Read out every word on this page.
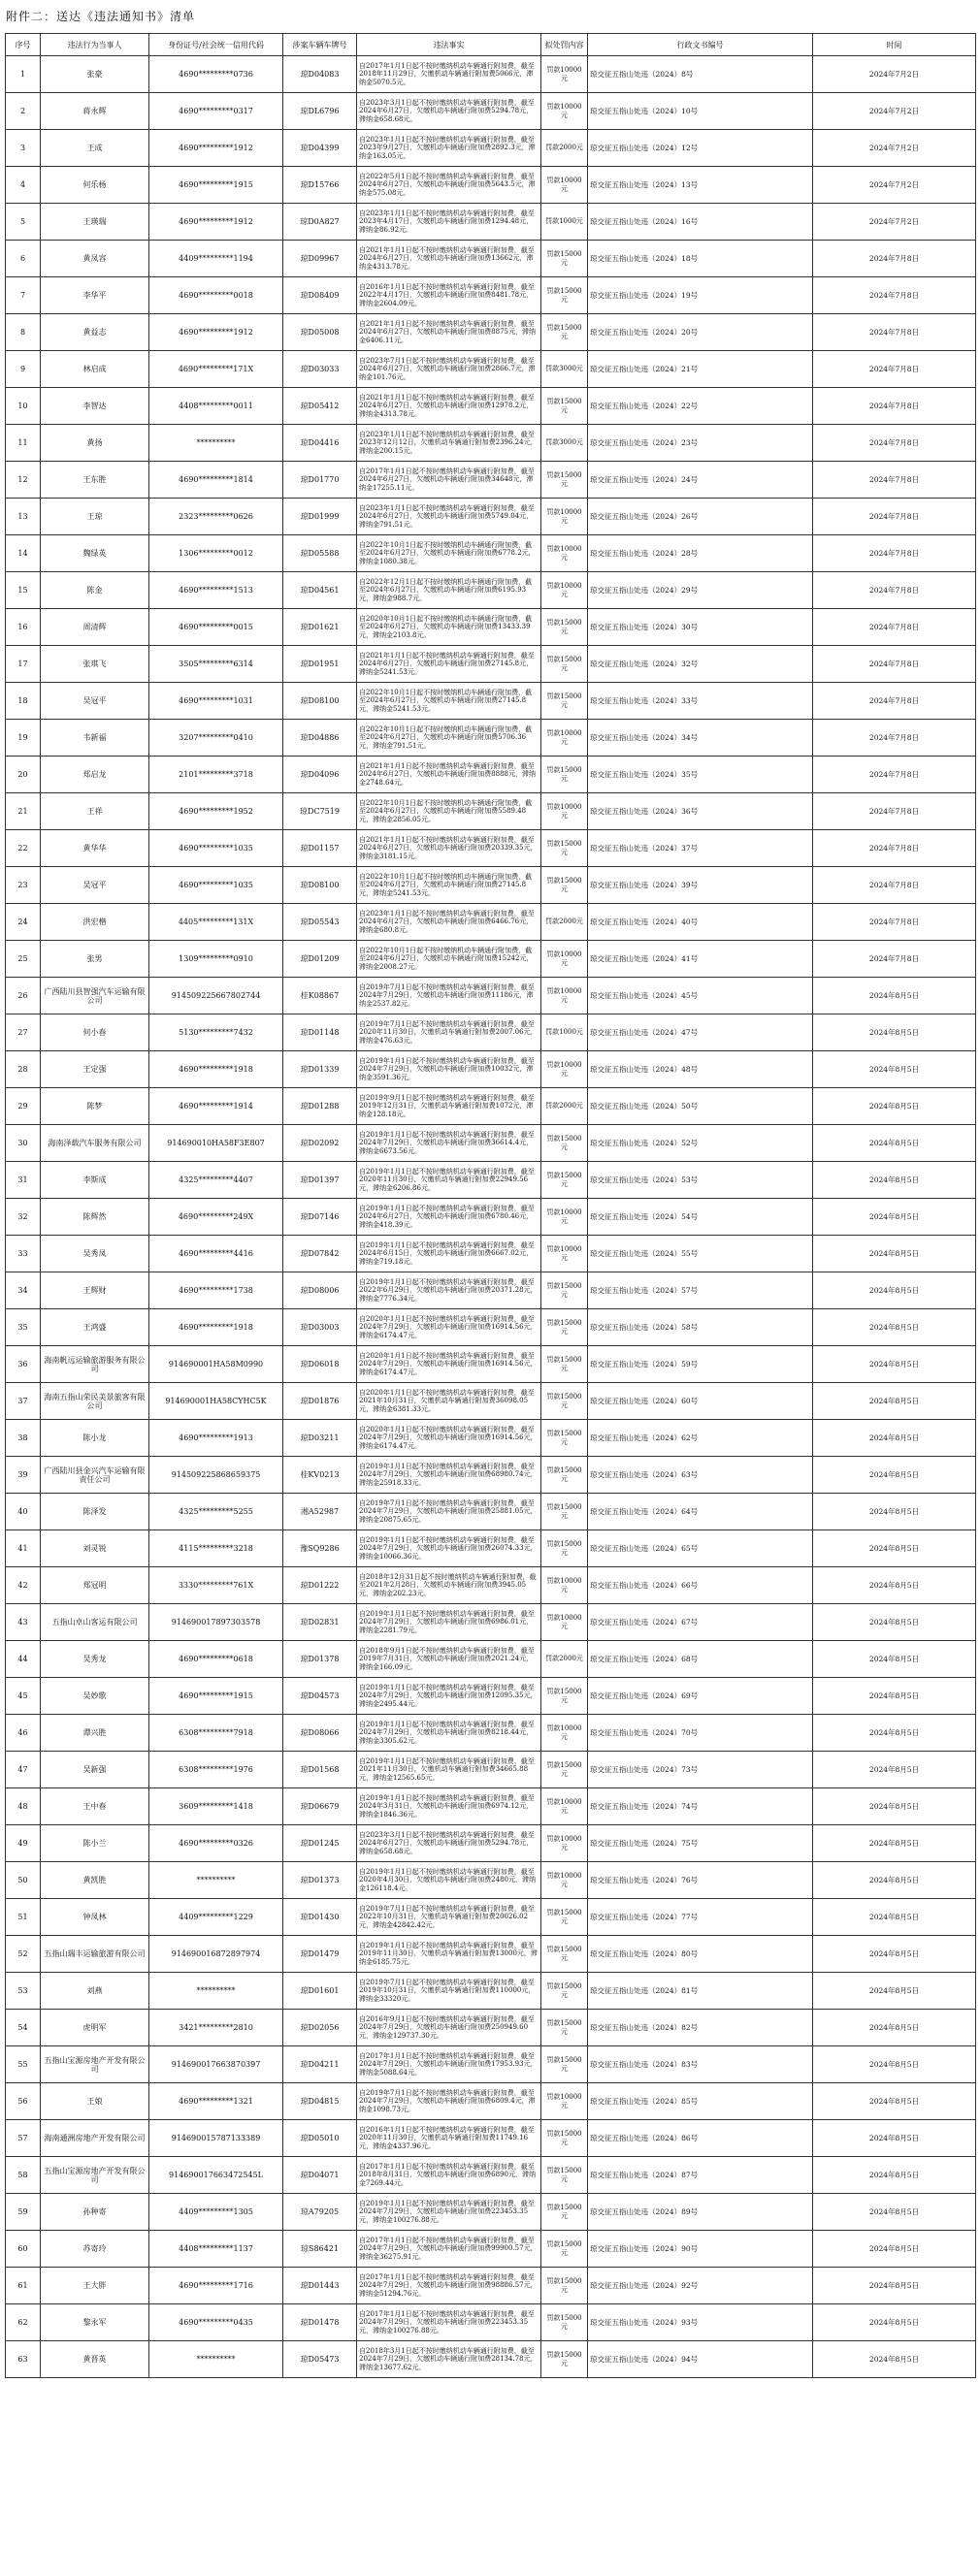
附件二：送达《违法通知书》清单
序号	违法行为当事人	身份证号/社会统一信用代码	涉案车辆车牌号	违法事实	拟处罚内容	行政文书编号	时间
1	张豪	4690*********0736	琼D04083	自2017年1月1日起不按时缴纳机动车辆通行附加费，截至2018年11月29日，欠缴机动车辆通行附加费5066元，滞纳金5070.5元。	罚款10000元	琼交征五指山处违（2024）8号	2024年7月2日
2	蒋永辉	4690*********0317	琼DL6796	自2023年3月1日起不按时缴纳机动车辆通行附加费，截至2024年6月27日，欠缴机动车辆通行附加费5294.78元，滞纳金658.68元。	罚款10000元	琼交征五指山处违（2024）10号	2024年7月2日
3	王成	4690*********1912	琼D04399	自2023年1月1日起不按时缴纳机动车辆通行附加费，截至2023年9月27日，欠缴机动车辆通行附加费2892.3元，滞纳金163.05元。	罚款2000元	琼交征五指山处违（2024）12号	2024年7月2日
4	何乐杨	4690*********1915	琼D15766	自2022年5月1日起不按时缴纳机动车辆通行附加费，截至2024年6月27日，欠缴机动车辆通行附加费5643.5元，滞纳金575.08元。	罚款10000元	琼交征五指山处违（2024）13号	2024年7月2日
5	王瑛瑞	4690*********1912	琼D0A827	自2023年1月1日起不按时缴纳机动车辆通行附加费，截至2023年4月17日，欠缴机动车辆通行附加费1294.48元，滞纳金86.92元。	罚款1000元	琼交征五指山处违（2024）16号	2024年7月2日
6	黄凤容	4409*********1194	琼D09967	自2021年1月1日起不按时缴纳机动车辆通行附加费，截至2024年6月27日，欠缴机动车辆通行附加费13662元，滞纳金4313.78元。	罚款15000元	琼交征五指山处违（2024）18号	2024年7月8日
7	李华平	4690*********0018	琼D08409	自2016年1月1日起不按时缴纳机动车辆通行附加费，截至2022年4月17日，欠缴机动车辆通行附加费8481.78元，滞纳金2604.09元。	罚款15000元	琼交征五指山处违（2024）19号	2024年7月8日
8	黄益志	4690*********1912	琼D05008	自2021年1月1日起不按时缴纳机动车辆通行附加费，截至2024年6月27日，欠缴机动车辆通行附加费8875元，滞纳金6406.11元。	罚款15000元	琼交征五指山处违（2024）20号	2024年7月8日
9	林启成	4690*********171X	琼D03033	自2023年7月1日起不按时缴纳机动车辆通行附加费，截至2024年6月27日，欠缴机动车辆通行附加费2866.7元，滞纳金101.76元。	罚款3000元	琼交征五指山处违（2024）21号	2024年7月8日
10	李智达	4408*********0011	琼D05412	自2021年1月1日起不按时缴纳机动车辆通行附加费，截至2024年6月27日，欠缴机动车辆通行附加费12978.2元，滞纳金4313.78元。	罚款15000元	琼交征五指山处违（2024）22号	2024年7月8日
11	黄扬	**********	琼D04416	自2023年1月1日起不按时缴纳机动车辆通行附加费，截至2023年12月12日，欠缴机动车辆通行附加费2396.24元，滞纳金200.15元。	罚款3000元	琼交征五指山处违（2024）23号	2024年7月8日
12	王东胜	4690*********1814	琼D01770	自2017年1月1日起不按时缴纳机动车辆通行附加费，截至2024年6月27日，欠缴机动车辆通行附加费34648元，滞纳金17255.11元。	罚款15000元	琼交征五指山处违（2024）24号	2024年7月8日
13	王琼	2323*********0626	琼D01999	自2023年1月1日起不按时缴纳机动车辆通行附加费，截至2024年6月27日，欠缴机动车辆通行附加费5749.04元，滞纳金791.51元。	罚款10000元	琼交征五指山处违（2024）26号	2024年7月8日
14	魏绿英	1306*********0012	琼D05588	自2022年10月1日起不按时缴纳机动车辆通行附加费，截至2024年6月27日，欠缴机动车辆通行附加费6778.2元，滞纳金1080.38元。	罚款10000元	琼交征五指山处违（2024）28号	2024年7月8日
15	陈金	4690*********1513	琼D04561	自2022年12月1日起不按时缴纳机动车辆通行附加费，截至2024年6月27日，欠缴机动车辆通行附加费6195.93元，滞纳金988.7元。	罚款10000元	琼交征五指山处违（2024）29号	2024年7月8日
16	周清辉	4690*********0015	琼D01621	自2020年10月1日起不按时缴纳机动车辆通行附加费，截至2024年6月27日，欠缴机动车辆通行附加费13433.39元，滞纳金2103.8元。	罚款15000元	琼交征五指山处违（2024）30号	2024年7月8日
17	张琪飞	3505*********6314	琼D01951	自2021年1月1日起不按时缴纳机动车辆通行附加费，截至2024年6月27日，欠缴机动车辆通行附加费27145.8元，滞纳金5241.53元。	罚款15000元	琼交征五指山处违（2024）32号	2024年7月8日
18	吴冠平	4690*********1031	琼D08100	自2022年10月1日起不按时缴纳机动车辆通行附加费，截至2024年6月27日，欠缴机动车辆通行附加费27145.8元，滞纳金5241.53元。	罚款15000元	琼交征五指山处违（2024）33号	2024年7月8日
19	韦新福	3207*********0410	琼D04886	自2022年10月1日起不按时缴纳机动车辆通行附加费，截至2024年6月27日，欠缴机动车辆通行附加费5706.36元，滞纳金791.51元。	罚款10000元	琼交征五指山处违（2024）34号	2024年7月8日
20	郑启龙	2101*********3718	琼D04096	自2021年1月1日起不按时缴纳机动车辆通行附加费，截至2024年6月27日，欠缴机动车辆通行附加费8888元，滞纳金2748.64元。	罚款15000元	琼交征五指山处违（2024）35号	2024年7月8日
21	王祥	4690*********1952	琼DC7519	自2022年10月1日起不按时缴纳机动车辆通行附加费，截至2024年6月27日，欠缴机动车辆通行附加费5589.48元，滞纳金2856.05元。	罚款10000元	琼交征五指山处违（2024）36号	2024年7月8日
22	黄华华	4690*********1035	琼D01157	自2021年1月1日起不按时缴纳机动车辆通行附加费，截至2024年6月27日，欠缴机动车辆通行附加费20339.35元，滞纳金3181.15元。	罚款15000元	琼交征五指山处违（2024）37号	2024年7月8日
23	吴冠平	4690*********1035	琼D08100	自2022年10月1日起不按时缴纳机动车辆通行附加费，截至2024年6月27日，欠缴机动车辆通行附加费27145.8元，滞纳金5241.53元。	罚款15000元	琼交征五指山处违（2024）39号	2024年7月8日
24	洪宏楷	4405*********131X	琼D05543	自2023年1月1日起不按时缴纳机动车辆通行附加费，截至2024年6月27日，欠缴机动车辆通行附加费6466.76元，滞纳金680.8元。	罚款2000元	琼交征五指山处违（2024）40号	2024年7月8日
25	张男	1309*********0910	琼D01209	自2022年10月1日起不按时缴纳机动车辆通行附加费，截至2024年6月27日，欠缴机动车辆通行附加费15242元，滞纳金2008.27元。	罚款10000元	琼交征五指山处违（2024）41号	2024年7月8日
26	广西陆川县智强汽车运输有限公司	914509225667802744	桂K08867	自2019年7月1日起不按时缴纳机动车辆通行附加费，截至2024年7月29日，欠缴机动车辆通行附加费11186元，滞纳金2537.82元。	罚款10000元	琼交征五指山处违（2024）45号	2024年8月5日
27	何小春	5130*********7432	琼D01148	自2019年7月1日起不按时缴纳机动车辆通行附加费，截至2020年11月30日，欠缴机动车辆通行附加费2007.06元，滞纳金476.63元。	罚款1000元	琼交征五指山处违（2024）47号	2024年8月5日
28	王定强	4690*********1918	琼D01339	自2019年1月1日起不按时缴纳机动车辆通行附加费，截至2024年7月29日，欠缴机动车辆通行附加费10032元，滞纳金3591.36元。	罚款10000元	琼交征五指山处违（2024）48号	2024年8月5日
29	陈梦	4690*********1914	琼D01288	自2019年9月1日起不按时缴纳机动车辆通行附加费，截至2019年12月31日，欠缴机动车辆通行附加费1072元，滞纳金128.18元。	罚款2000元	琼交征五指山处违（2024）50号	2024年8月5日
30	海南泽载汽车服务有限公司	914690010HA58F3E807	琼D02092	自2019年1月1日起不按时缴纳机动车辆通行附加费，截至2024年7月29日，欠缴机动车辆通行附加费36614.4元，滞纳金6673.56元。	罚款15000元	琼交征五指山处违（2024）52号	2024年8月5日
31	李斯成	4325*********4407	琼D01397	自2019年1月1日起不按时缴纳机动车辆通行附加费，截至2020年11月30日，欠缴机动车辆通行附加费22949.56元，滞纳金6206.86元。	罚款15000元	琼交征五指山处违（2024）53号	2024年8月5日
32	陈辉然	4690*********249X	琼D07146	自2019年1月1日起不按时缴纳机动车辆通行附加费，截至2024年6月27日，欠缴机动车辆通行附加费6780.46元，滞纳金418.39元。	罚款10000元	琼交征五指山处违（2024）54号	2024年8月5日
33	吴秀凤	4690*********4416	琼D07842	自2019年1月1日起不按时缴纳机动车辆通行附加费，截至2024年6月15日，欠缴机动车辆通行附加费6667.02元，滞纳金719.18元。	罚款10000元	琼交征五指山处违（2024）55号	2024年8月5日
34	王辉财	4690*********1738	琼D08006	自2019年1月1日起不按时缴纳机动车辆通行附加费，截至2022年6月29日，欠缴机动车辆通行附加费20371.28元，滞纳金7776.34元。	罚款15000元	琼交征五指山处违（2024）57号	2024年8月5日
35	王鸿盛	4690*********1918	琼D03003	自2020年1月1日起不按时缴纳机动车辆通行附加费，截至2024年7月29日，欠缴机动车辆通行附加费16914.56元，滞纳金6174.47元。	罚款15000元	琼交征五指山处违（2024）58号	2024年8月5日
36	海南帆远运输旅游服务有限公司	914690001HA58M0990	琼D06018	自2020年1月1日起不按时缴纳机动车辆通行附加费，截至2024年7月29日，欠缴机动车辆通行附加费16914.56元，滞纳金6174.47元。	罚款15000元	琼交征五指山处违（2024）59号	2024年8月5日
37	海南五指山荣民美景旅客有限公司	914690001HA58CYHC5K	琼D01876	自2020年1月1日起不按时缴纳机动车辆通行附加费，截至2021年10月31日，欠缴机动车辆通行附加费36098.05元，滞纳金6381.33元。	罚款15000元	琼交征五指山处违（2024）60号	2024年8月5日
38	陈小龙	4690*********1913	琼D03211	自2020年1月1日起不按时缴纳机动车辆通行附加费，截至2024年7月29日，欠缴机动车辆通行附加费16914.56元，滞纳金6174.47元。	罚款15000元	琼交征五指山处违（2024）62号	2024年8月5日
39	广西陆川县金兴汽车运输有限责任公司	914509225868659375	桂KV0213	自2019年1月1日起不按时缴纳机动车辆通行附加费，截至2024年7月29日，欠缴机动车辆通行附加费68980.74元，滞纳金25918.33元。	罚款15000元	琼交征五指山处违（2024）63号	2024年8月5日
40	陈泽发	4325*********5255	湘A52987	自2019年7月1日起不按时缴纳机动车辆通行附加费，截至2024年7月29日，欠缴机动车辆通行附加费25881.05元，滞纳金20875.65元。	罚款15000元	琼交征五指山处违（2024）64号	2024年8月5日
41	刘灵锐	4115*********3218	豫SQ9286	自2019年1月1日起不按时缴纳机动车辆通行附加费，截至2024年7月29日，欠缴机动车辆通行附加费26074.33元，滞纳金10066.36元。	罚款15000元	琼交征五指山处违（2024）65号	2024年8月5日
42	郑冠明	3330*********761X	琼D01222	自2018年12月31日起不按时缴纳机动车辆通行附加费，截至2021年2月28日，欠缴机动车辆通行附加费3945.05元，滞纳金202.23元。	罚款10000元	琼交征五指山处违（2024）66号	2024年8月5日
43	五指山卓山客运有限公司	914690017897303578	琼D02831	自2019年1月1日起不按时缴纳机动车辆通行附加费，截至2024年7月29日，欠缴机动车辆通行附加费6986.01元，滞纳金2281.79元。	罚款10000元	琼交征五指山处违（2024）67号	2024年8月5日
44	吴秀龙	4690*********0618	琼D01378	自2018年9月1日起不按时缴纳机动车辆通行附加费，截至2019年7月31日，欠缴机动车辆通行附加费2021.24元，滞纳金166.09元。	罚款2000元	琼交征五指山处违（2024）68号	2024年8月5日
45	吴妙歌	4690*********1915	琼D04573	自2019年1月1日起不按时缴纳机动车辆通行附加费，截至2024年7月29日，欠缴机动车辆通行附加费12095.35元，滞纳金2495.44元。	罚款15000元	琼交征五指山处违（2024）69号	2024年8月5日
46	谭兴胜	6308*********7918	琼D08066	自2019年1月1日起不按时缴纳机动车辆通行附加费，截至2024年7月29日，欠缴机动车辆通行附加费8218.44元，滞纳金3305.62元。	罚款10000元	琼交征五指山处违（2024）70号	2024年8月5日
47	吴新强	6308*********1976	琼D01568	自2019年1月1日起不按时缴纳机动车辆通行附加费，截至2021年11月30日，欠缴机动车辆通行附加费34665.88元，滞纳金12565.65元。	罚款15000元	琼交征五指山处违（2024）73号	2024年8月5日
48	王中春	3609*********1418	琼D06679	自2019年1月1日起不按时缴纳机动车辆通行附加费，截至2024年3月31日，欠缴机动车辆通行附加费6974.12元，滞纳金1846.36元。	罚款10000元	琼交征五指山处违（2024）74号	2024年8月5日
49	陈小兰	4690*********0326	琼D01245	自2023年3月1日起不按时缴纳机动车辆通行附加费，截至2024年6月27日，欠缴机动车辆通行附加费5294.78元，滞纳金658.68元。	罚款10000元	琼交征五指山处违（2024）75号	2024年8月5日
50	黄凯胜	**********	琼D01373	自2019年1月1日起不按时缴纳机动车辆通行附加费，截至2020年4月30日，欠缴机动车辆通行附加费2480元，滞纳金126118.4元。	罚款10000元	琼交征五指山处违（2024）76号	2024年8月5日
51	钟凤林	4409*********1229	琼D01430	自2019年7月1日起不按时缴纳机动车辆通行附加费，截至2022年10月31日，欠缴机动车辆通行附加费20026.02元，滞纳金42842.42元。	罚款15000元	琼交征五指山处违（2024）77号	2024年8月5日
52	五指山瑞丰运输旅游有限公司	914690016872897974	琼D01479	自2019年1月1日起不按时缴纳机动车辆通行附加费，截至2019年11月30日，欠缴机动车辆通行附加费13000元，滞纳金6185.75元。	罚款15000元	琼交征五指山处违（2024）80号	2024年8月5日
53	刘燕	**********	琼D01601	自2019年7月1日起不按时缴纳机动车辆通行附加费，截至2019年10月31日，欠缴机动车辆通行附加费110000元，滞纳金33320元。	罚款15000元	琼交征五指山处违（2024）81号	2024年8月5日
54	虎明军	3421*********2810	琼D02056	自2016年9月1日起不按时缴纳机动车辆通行附加费，截至2024年7月29日，欠缴机动车辆通行附加费250949.60元，滞纳金129737.30元。	罚款15000元	琼交征五指山处违（2024）82号	2024年8月5日
55	五指山宝源房地产开发有限公司	914690017663870397	琼D04211	自2017年1月1日起不按时缴纳机动车辆通行附加费，截至2024年7月29日，欠缴机动车辆通行附加费17953.93元，滞纳金5088.64元。	罚款15000元	琼交征五指山处违（2024）83号	2024年8月5日
56	王娘	4690*********1321	琼D04815	自2019年7月1日起不按时缴纳机动车辆通行附加费，截至2024年7月29日，欠缴机动车辆通行附加费6809.4元，滞纳金1098.73元。	罚款10000元	琼交征五指山处违（2024）85号	2024年8月5日
57	海南通洲房地产开发有限公司	914690015787133389	琼D05010	自2016年1月1日起不按时缴纳机动车辆通行附加费，截至2020年11月30日，欠缴机动车辆通行附加费11749.16元，滞纳金4337.96元。	罚款15000元	琼交征五指山处违（2024）86号	2024年8月5日
58	五指山宝源房地产开发有限公司	914690017663472545L	琼D04071	自2017年1月1日起不按时缴纳机动车辆通行附加费，截至2018年8月31日，欠缴机动车辆通行附加费6890元，滞纳金7269.44元。	罚款15000元	琼交征五指山处违（2024）87号	2024年8月5日
59	孙种寄	4409*********1305	琼A79205	自2019年1月1日起不按时缴纳机动车辆通行附加费，截至2024年7月29日，欠缴机动车辆通行附加费223453.35元，滞纳金100276.88元。	罚款15000元	琼交征五指山处违（2024）89号	2024年8月5日
60	苏寄玲	4408*********1137	琼S86421	自2017年1月1日起不按时缴纳机动车辆通行附加费，截至2024年7月29日，欠缴机动车辆通行附加费99900.57元，滞纳金36275.91元。	罚款15000元	琼交征五指山处违（2024）90号	2024年8月5日
61	王大胖	4690*********1716	琼D01443	自2017年1月1日起不按时缴纳机动车辆通行附加费，截至2024年7月29日，欠缴机动车辆通行附加费98886.57元，滞纳金51294.76元。	罚款15000元	琼交征五指山处违（2024）92号	2024年8月5日
62	黎永军	4690*********0435	琼D01478	自2017年1月1日起不按时缴纳机动车辆通行附加费，截至2024年7月29日，欠缴机动车辆通行附加费223453.35元，滞纳金100276.88元。	罚款15000元	琼交征五指山处违（2024）93号	2024年8月5日
63	黄晋英	**********	琼D05473	自2018年3月1日起不按时缴纳机动车辆通行附加费，截至2024年7月29日，欠缴机动车辆通行附加费28134.78元，滞纳金13677.62元。	罚款15000元	琼交征五指山处违（2024）94号	2024年8月5日
